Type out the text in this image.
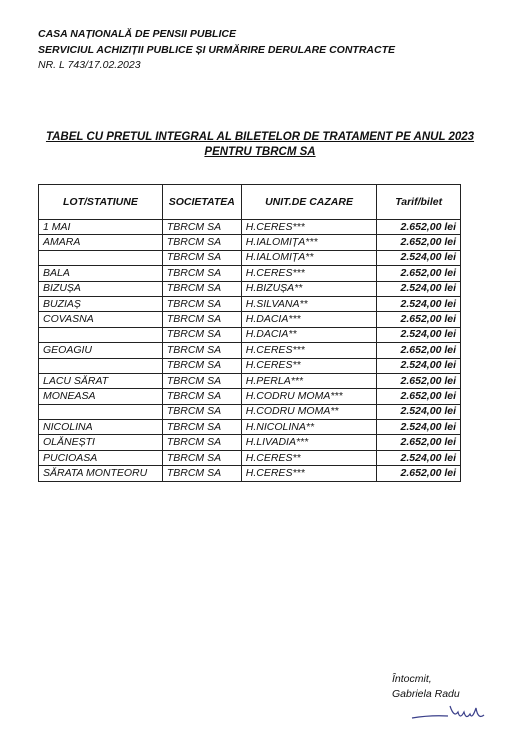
CASA NAȚIONALĂ DE PENSII PUBLICE
SERVICIUL ACHIZIȚII PUBLICE ȘI URMĂRIRE DERULARE CONTRACTE
NR. L 743/17.02.2023
TABEL CU PRETUL INTEGRAL AL BILETELOR DE TRATAMENT PE ANUL 2023
PENTRU TBRCM SA
LOT/STATIUNE	SOCIETATEA	UNIT.DE CAZARE	Tarif/bilet
1 MAI	TBRCM SA	H.CERES***	2.652,00 lei
AMARA	TBRCM SA	H.IALOMIȚA***	2.652,00 lei
	TBRCM SA	H.IALOMIȚA**	2.524,00 lei
BALA	TBRCM SA	H.CERES***	2.652,00 lei
BIZUȘA	TBRCM SA	H.BIZUȘA**	2.524,00 lei
BUZIAȘ	TBRCM SA	H.SILVANA**	2.524,00 lei
COVASNA	TBRCM SA	H.DACIA***	2.652,00 lei
	TBRCM SA	H.DACIA**	2.524,00 lei
GEOAGIU	TBRCM SA	H.CERES***	2.652,00 lei
	TBRCM SA	H.CERES**	2.524,00 lei
LACU SĂRAT	TBRCM SA	H.PERLA***	2.652,00 lei
MONEASA	TBRCM SA	H.CODRU MOMA***	2.652,00 lei
	TBRCM SA	H.CODRU MOMA**	2.524,00 lei
NICOLINA	TBRCM SA	H.NICOLINA**	2.524,00 lei
OLĂNEȘTI	TBRCM SA	H.LIVADIA***	2.652,00 lei
PUCIOASA	TBRCM SA	H.CERES**	2.524,00 lei
SĂRATA MONTEORU	TBRCM SA	H.CERES***	2.652,00 lei
Întocmit,
Gabriela Radu
